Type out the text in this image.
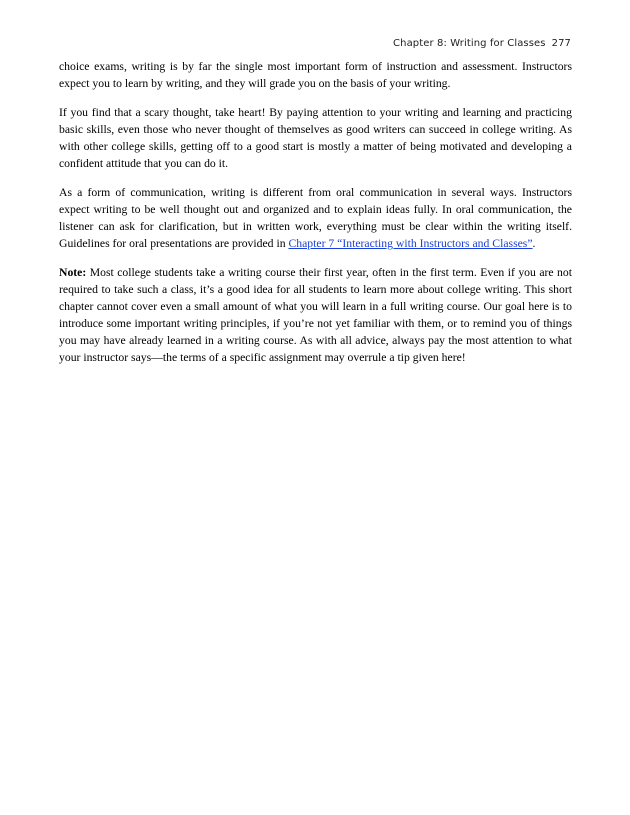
Chapter 8: Writing for Classes 277

choice exams, writing is by far the single most important form of instruction and assessment. Instructors expect you to learn by writing, and they will grade you on the basis of your writing.

If you find that a scary thought, take heart! By paying attention to your writing and learning and practicing basic skills, even those who never thought of themselves as good writers can succeed in college writing. As with other college skills, getting off to a good start is mostly a matter of being motivated and developing a confident attitude that you can do it.

As a form of communication, writing is different from oral communication in several ways. Instructors expect writing to be well thought out and organized and to explain ideas fully. In oral communication, the listener can ask for clarification, but in written work, everything must be clear within the writing itself. Guidelines for oral presentations are provided in Chapter 7 “Interacting with Instructors and Classes”.

Note: Most college students take a writing course their first year, often in the first term. Even if you are not required to take such a class, it’s a good idea for all students to learn more about college writing. This short chapter cannot cover even a small amount of what you will learn in a full writing course. Our goal here is to introduce some important writing principles, if you’re not yet familiar with them, or to remind you of things you may have already learned in a writing course. As with all advice, always pay the most attention to what your instructor says—the terms of a specific assignment may overrule a tip given here!
